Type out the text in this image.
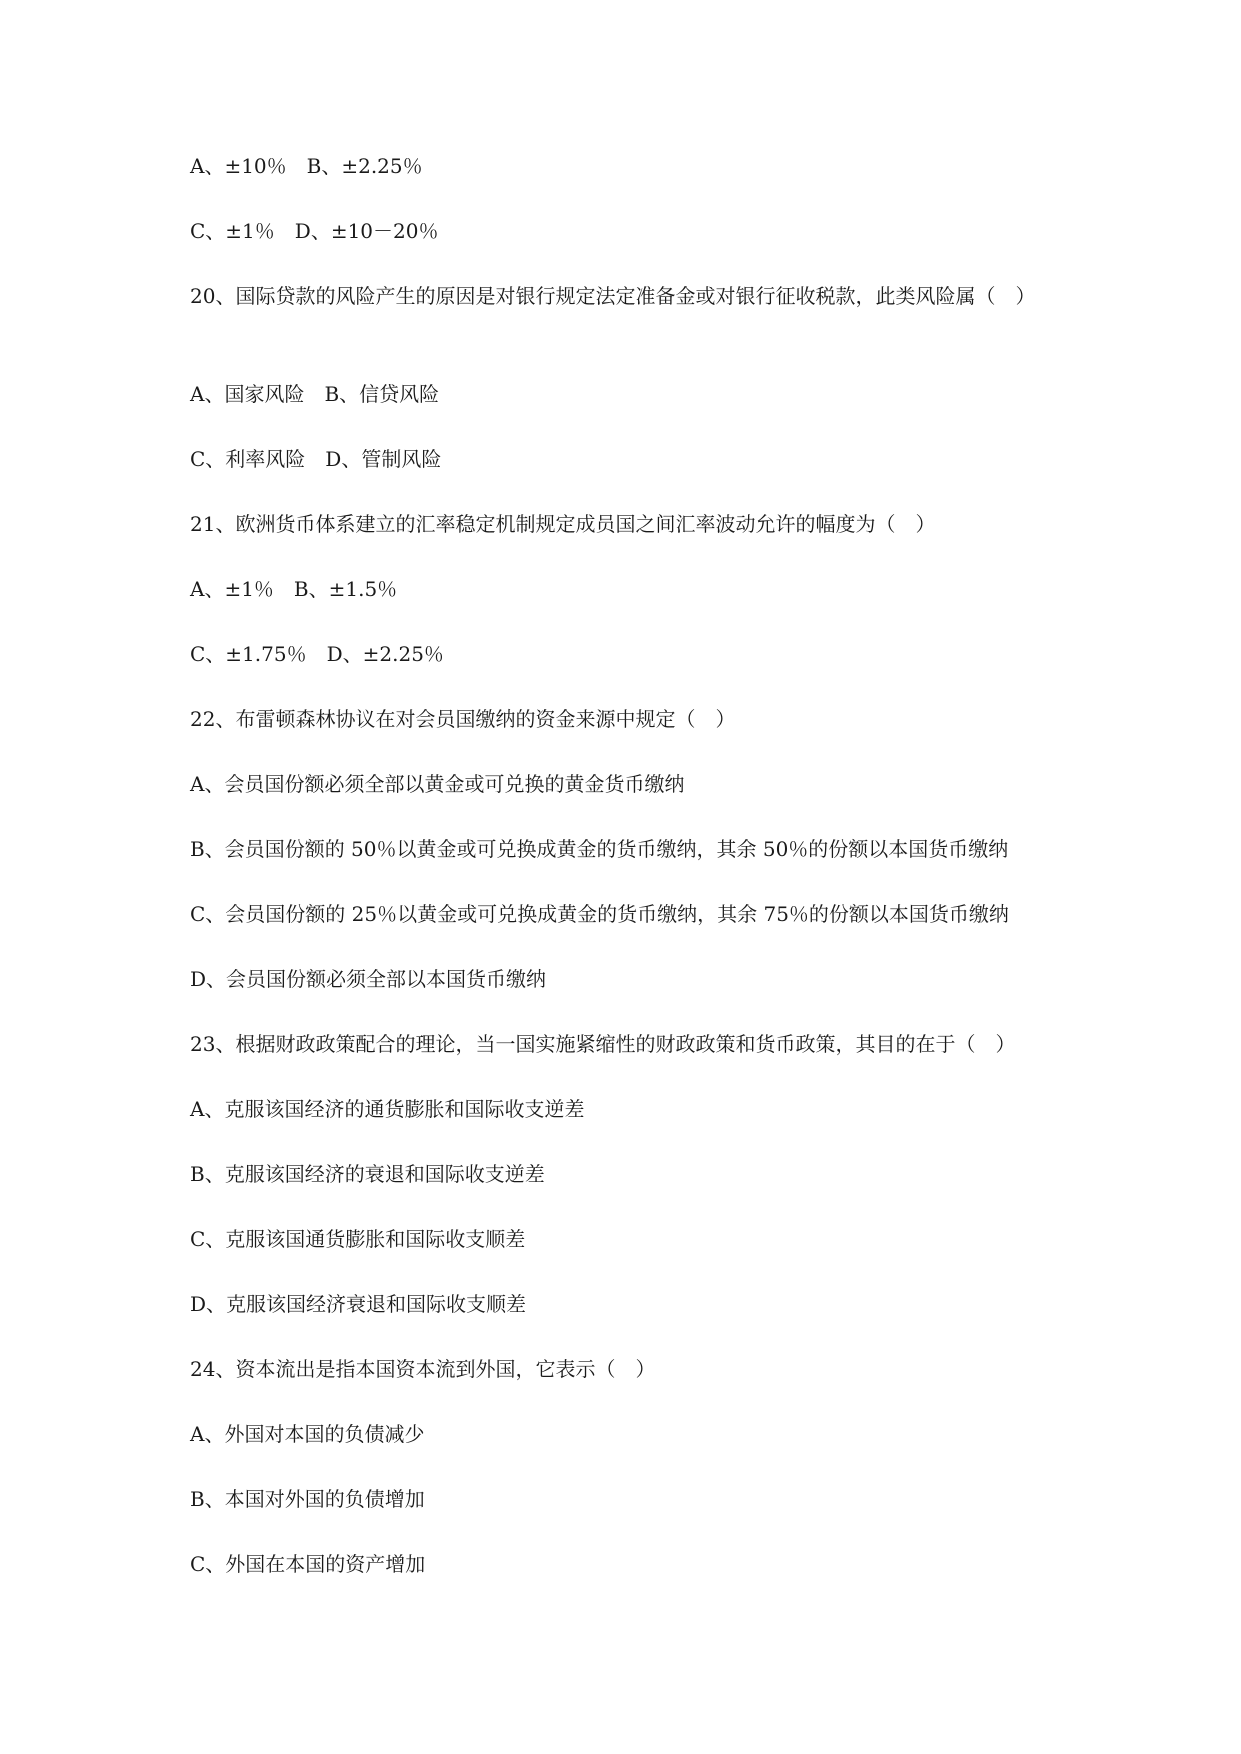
A、±10％　B、±2.25％
C、±1％　D、±10－20％
20、国际贷款的风险产生的原因是对银行规定法定准备金或对银行征收税款，此类风险属（　）
A、国家风险　B、信贷风险
C、利率风险　D、管制风险
21、欧洲货币体系建立的汇率稳定机制规定成员国之间汇率波动允许的幅度为（　）
A、±1％　B、±1.5％
C、±1.75％　D、±2.25％
22、布雷顿森林协议在对会员国缴纳的资金来源中规定（　）
A、会员国份额必须全部以黄金或可兑换的黄金货币缴纳
B、会员国份额的 50％以黄金或可兑换成黄金的货币缴纳，其余 50％的份额以本国货币缴纳
C、会员国份额的 25％以黄金或可兑换成黄金的货币缴纳，其余 75％的份额以本国货币缴纳
D、会员国份额必须全部以本国货币缴纳
23、根据财政政策配合的理论，当一国实施紧缩性的财政政策和货币政策，其目的在于（　）
A、克服该国经济的通货膨胀和国际收支逆差
B、克服该国经济的衰退和国际收支逆差
C、克服该国通货膨胀和国际收支顺差
D、克服该国经济衰退和国际收支顺差
24、资本流出是指本国资本流到外国，它表示（　）
A、外国对本国的负债减少
B、本国对外国的负债增加
C、外国在本国的资产增加
